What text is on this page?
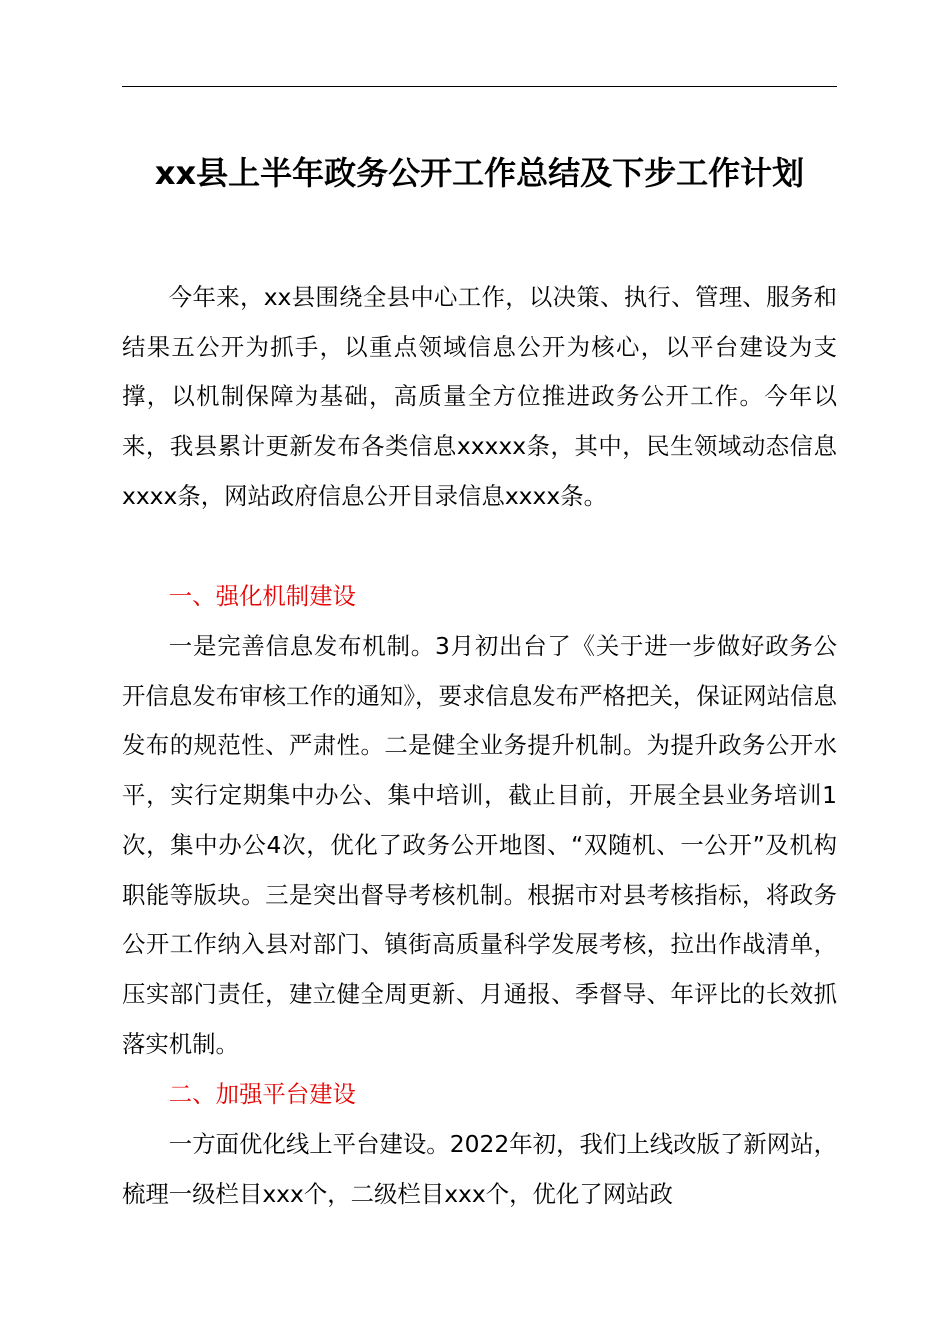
xx县上半年政务公开工作总结及下步工作计划
今年来，xx县围绕全县中心工作，以决策、执行、管理、服务和结果五公开为抓手，以重点领域信息公开为核心，以平台建设为支撑，以机制保障为基础，高质量全方位推进政务公开工作。今年以来，我县累计更新发布各类信息xxxxx条，其中，民生领域动态信息xxxx条，网站政府信息公开目录信息xxxx条。
一、强化机制建设
一是完善信息发布机制。3月初出台了《关于进一步做好政务公开信息发布审核工作的通知》，要求信息发布严格把关，保证网站信息发布的规范性、严肃性。二是健全业务提升机制。为提升政务公开水平，实行定期集中办公、集中培训，截止目前，开展全县业务培训1次，集中办公4次，优化了政务公开地图、“双随机、一公开”及机构职能等版块。三是突出督导考核机制。根据市对县考核指标，将政务公开工作纳入县对部门、镇街高质量科学发展考核，拉出作战清单，压实部门责任，建立健全周更新、月通报、季督导、年评比的长效抓落实机制。
二、加强平台建设
一方面优化线上平台建设。2022年初，我们上线改版了新网站，梳理一级栏目xxx个，二级栏目xxx个，优化了网站政
